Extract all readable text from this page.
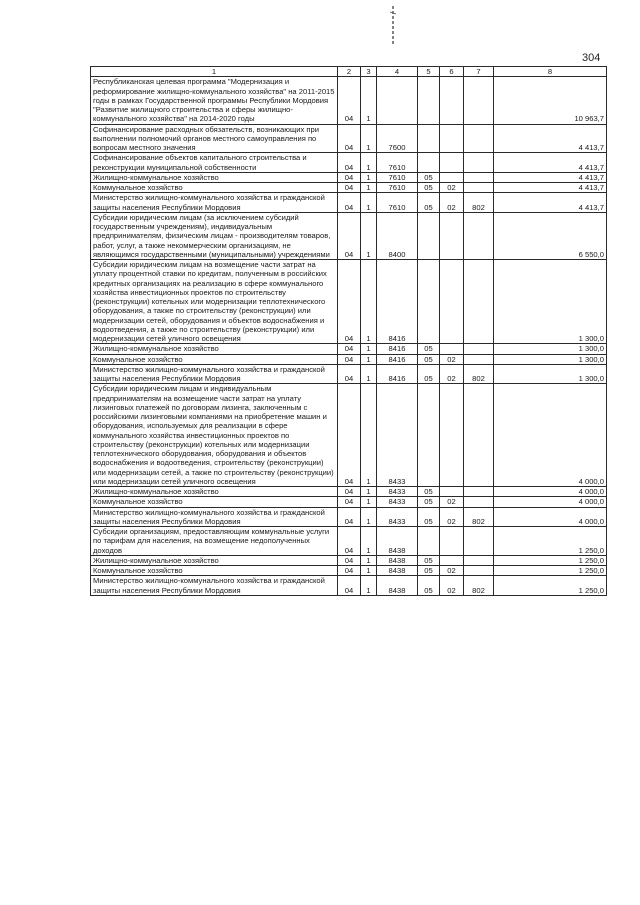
304
1	2	3	4	5	6	7	8
Республиканская целевая программа "Модернизация и реформирование жилищно-коммунального хозяйства" на 2011-2015 годы в рамках Государственной программы Республики Мордовия "Развитие жилищного строительства и сферы жилищно-коммунального хозяйства" на 2014-2020 годы	04	1					10 963,7
Софинансирование расходных обязательств, возникающих при выполнении полномочий органов местного самоуправления по вопросам местного значения	04	1	7600				4 413,7
Софинансирование объектов капитального строительства и реконструкции муниципальной собственности	04	1	7610				4 413,7
Жилищно-коммунальное хозяйство	04	1	7610	05			4 413,7
Коммунальное хозяйство	04	1	7610	05	02		4 413,7
Министерство жилищно-коммунального хозяйства и гражданской защиты населения Республики Мордовия	04	1	7610	05	02	802	4 413,7
Субсидии юридическим лицам (за исключением субсидий государственным учреждениям), индивидуальным предпринимателям, физическим лицам - производителям товаров, работ, услуг, а также некоммерческим организациям, не являющимся государственными (муниципальными) учреждениями	04	1	8400				6 550,0
Субсидии юридическим лицам на возмещение части затрат на уплату процентной ставки по кредитам, полученным в российских кредитных организациях на реализацию в сфере коммунального хозяйства инвестиционных проектов по строительству (реконструкции) котельных или модернизации теплотехнического оборудования, а также по строительству (реконструкции) или модернизации сетей, оборудования и объектов водоснабжения и водоотведения, а также по строительству (реконструкции) или модернизации сетей уличного освещения	04	1	8416				1 300,0
Жилищно-коммунальное хозяйство	04	1	8416	05			1 300,0
Коммунальное хозяйство	04	1	8416	05	02		1 300,0
Министерство жилищно-коммунального хозяйства и гражданской защиты населения Республики Мордовия	04	1	8416	05	02	802	1 300,0
Субсидии юридическим лицам и индивидуальным предпринимателям на возмещение части затрат на уплату лизинговых платежей по договорам лизинга, заключенным с российскими лизинговыми компаниями на приобретение машин и оборудования, используемых для реализации в сфере коммунального хозяйства инвестиционных проектов по строительству (реконструкции) котельных или модернизации теплотехнического оборудования, оборудования и объектов водоснабжения и водоотведения, строительству (реконструкции) или модернизации сетей, а также по строительству (реконструкции) или модернизации сетей уличного освещения	04	1	8433				4 000,0
Жилищно-коммунальное хозяйство	04	1	8433	05			4 000,0
Коммунальное хозяйство	04	1	8433	05	02		4 000,0
Министерство жилищно-коммунального хозяйства и гражданской защиты населения Республики Мордовия	04	1	8433	05	02	802	4 000,0
Субсидии организациям, предоставляющим коммунальные услуги по тарифам для населения, на возмещение недополученных доходов	04	1	8438				1 250,0
Жилищно-коммунальное хозяйство	04	1	8438	05			1 250,0
Коммунальное хозяйство	04	1	8438	05	02		1 250,0
Министерство жилищно-коммунального хозяйства и гражданской защиты населения Республики Мордовия	04	1	8438	05	02	802	1 250,0
